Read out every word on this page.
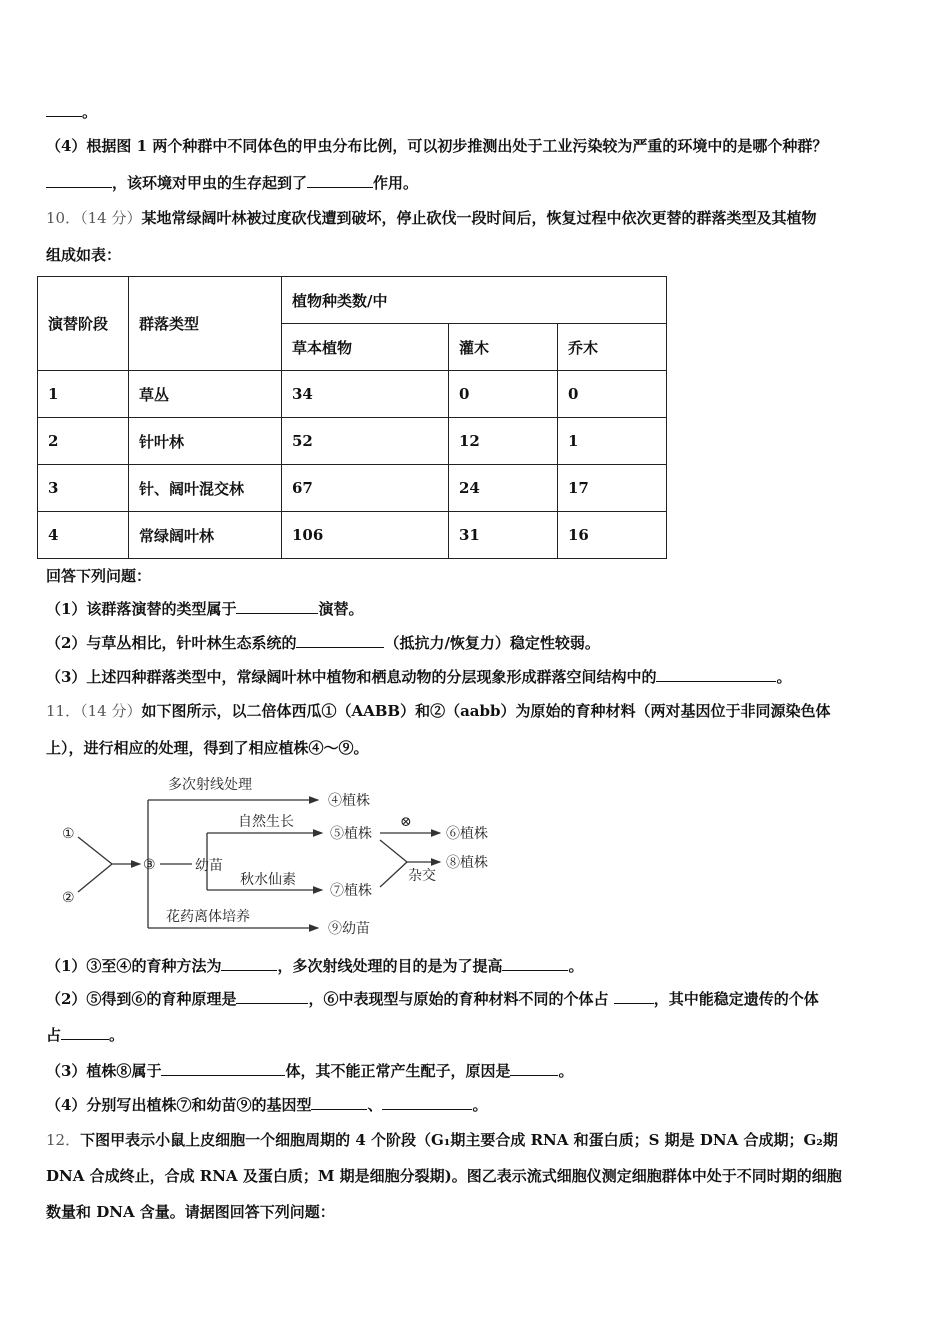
。
（4）根据图 1 两个种群中不同体色的甲虫分布比例，可以初步推测出处于工业污染较为严重的环境中的是哪个种群？
，该环境对甲虫的生存起到了	作用。
10．（14 分）某地常绿阔叶林被过度砍伐遭到破坏，停止砍伐一段时间后，恢复过程中依次更替的群落类型及其植物
组成如表：
演替阶段	群落类型	植物种类数/中		
		草本植物	灌木	乔木
1	草丛	34	0	0
2	针叶林	52	12	1
3	针、阔叶混交林	67	24	17
4	常绿阔叶林	106	31	16
回答下列问题：
（1）该群落演替的类型属于	演替。
（2）与草丛相比，针叶林生态系统的	（抵抗力/恢复力）稳定性较弱。
（3）上述四种群落类型中，常绿阔叶林中植物和栖息动物的分层现象形成群落空间结构中的	。
11．（14 分）如下图所示，以二倍体西瓜①（AABB）和②（aabb）为原始的育种材料（两对基因位于非同源染色体
上），进行相应的处理，得到了相应植株④～⑨。
①
②
③	幼苗
多次射线处理
自然生长
秋水仙素
花药离体培养
⊗
杂交
④植株
⑤植株	⑥植株
⑦植株
⑧植株
⑨幼苗
（1）③至④的育种方法为	，多次射线处理的目的是为了提高	。
（2）⑤得到⑥的育种原理是	，⑥中表现型与原始的育种材料不同的个体占	，其中能稳定遗传的个体
占	。
（3）植株⑧属于	体，其不能正常产生配子，原因是	。
（4）分别写出植株⑦和幼苗⑨的基因型	、	。
12．下图甲表示小鼠上皮细胞一个细胞周期的 4 个阶段（G₁期主要合成 RNA 和蛋白质；S 期是 DNA 合成期；G₂期
DNA 合成终止，合成 RNA 及蛋白质；M 期是细胞分裂期)。图乙表示流式细胞仪测定细胞群体中处于不同时期的细胞
数量和 DNA 含量。请据图回答下列问题：
